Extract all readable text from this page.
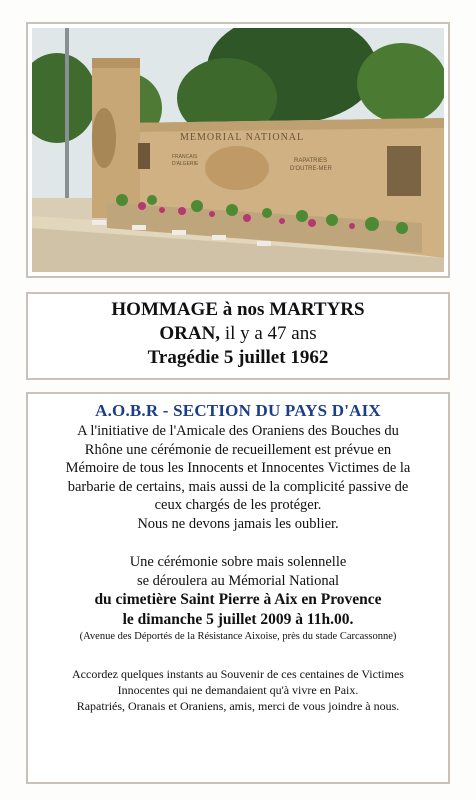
MEMORIAL NATIONAL
FRANCAIS
D'ALGERIE	RAPATRIES
D'OUTRE-MER
HOMMAGE à nos MARTYRS
ORAN, il y a 47 ans
Tragédie 5 juillet 1962
A.O.B.R - SECTION DU PAYS D'AIX
A l'initiative de l'Amicale des Oraniens des Bouches du
Rhône une cérémonie de recueillement est prévue en
Mémoire de tous les Innocents et Innocentes Victimes de la
barbarie de certains, mais aussi de la complicité passive de
ceux chargés de les protéger.
Nous ne devons jamais les oublier.
Une cérémonie sobre mais solennelle
se déroulera au Mémorial National
du cimetière Saint Pierre à Aix en Provence
le dimanche 5 juillet 2009 à 11h.00.
(Avenue des Déportés de la Résistance Aixoise, près du stade Carcassonne)
Accordez quelques instants au Souvenir de ces centaines de Victimes
Innocentes qui ne demandaient qu'à vivre en Paix.
Rapatriés, Oranais et Oraniens, amis, merci de vous joindre à nous.
